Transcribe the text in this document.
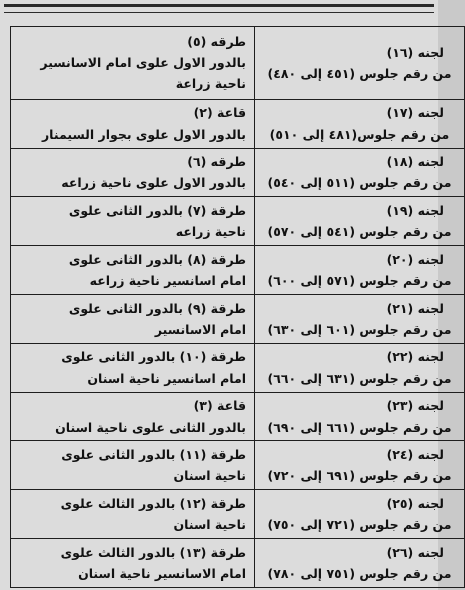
لجنه (١٦)
من رقم جلوس (٤٥١ إلى ٤٨٠)	طرقه (٥)
بالدور الاول علوى امام الاسانسير
ناحية زراعة

لجنه (١٧)
من رقم جلوس(٤٨١ إلى ٥١٠)	قاعة (٢)
بالدور الاول علوى بجوار السيمنار

لجنه (١٨)
من رقم جلوس (٥١١ إلى ٥٤٠)	طرقه (٦)
بالدور الاول علوى ناحية زراعه

لجنه (١٩)
من رقم جلوس (٥٤١ إلى ٥٧٠)	طرقة (٧) بالدور الثانى علوى
ناحية زراعه

لجنه (٢٠)
من رقم جلوس (٥٧١ إلى ٦٠٠)	طرقة (٨) بالدور الثانى علوى
امام اسانسير ناحية زراعه

لجنه (٢١)
من رقم جلوس (٦٠١ إلى ٦٣٠)	طرقة (٩) بالدور الثانى علوى
امام الاسانسير

لجنه (٢٢)
من رقم جلوس (٦٣١ إلى ٦٦٠)	طرقة (١٠) بالدور الثانى علوى
امام اسانسير ناحية اسنان

لجنه (٢٣)
من رقم جلوس (٦٦١ إلى ٦٩٠)	قاعة (٣)
بالدور الثانى علوى ناحية اسنان

لجنه (٢٤)
من رقم جلوس (٦٩١ إلى ٧٢٠)	طرقة (١١) بالدور الثانى علوى
ناحية اسنان

لجنه (٢٥)
من رقم جلوس (٧٢١ إلى ٧٥٠)	طرقة (١٢) بالدور الثالث علوى
ناحية اسنان

لجنه (٢٦)
من رقم جلوس (٧٥١ إلى ٧٨٠)	طرقة (١٣) بالدور الثالث علوى
امام الاسانسير ناحية اسنان
